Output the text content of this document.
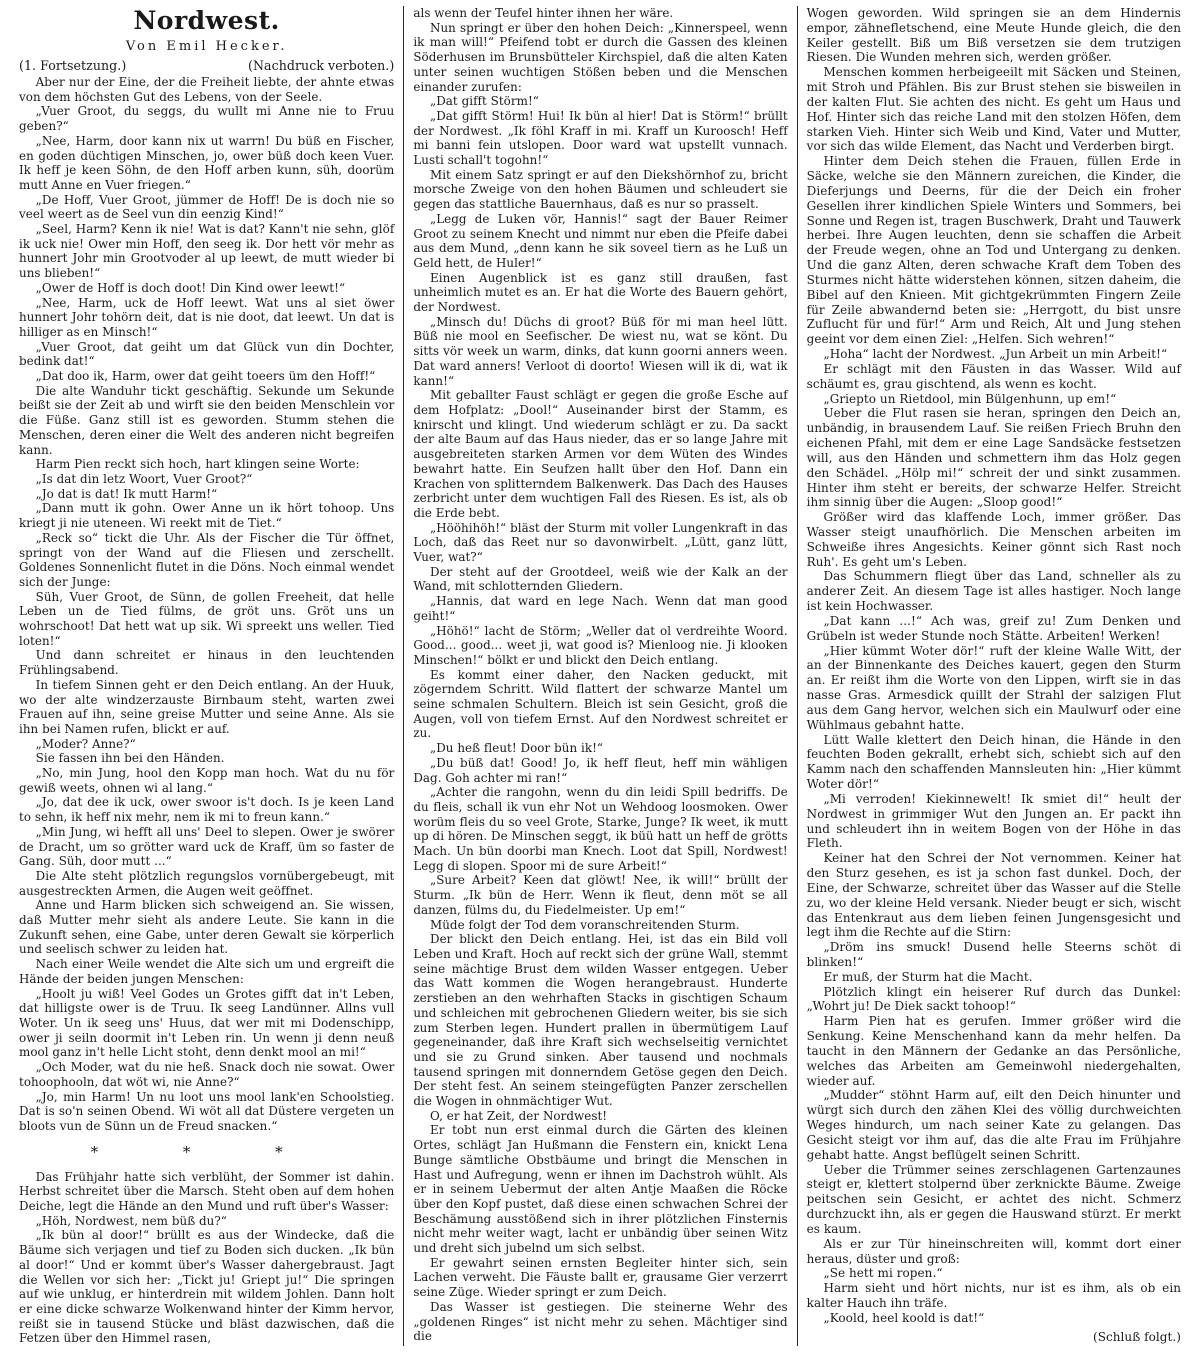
Nordwest.
Von Emil Hecker.
(1. Fortsetzung.)	(Nachdruck verboten.)

Aber nur der Eine, der die Freiheit liebte, der ahnte etwas von dem höchsten Gut des Lebens, von der Seele.

„Vuer Groot, du seggs, du wullt mi Anne nie to Fruu geben?“

„Nee, Harm, door kann nix ut warrn! Du büß en Fischer, en goden düchtigen Minschen, jo, ower büß doch keen Vuer. Ik heff je keen Söhn, de den Hoff arben kunn, süh, doorüm mutt Anne en Vuer friegen.“

„De Hoff, Vuer Groot, jümmer de Hoff! De is doch nie so veel weert as de Seel vun din eenzig Kind!“

„Seel, Harm? Kenn ik nie! Wat is dat? Kann't nie sehn, glöf ik uck nie! Ower min Hoff, den seeg ik. Dor hett vör mehr as hunnert Johr min Grootvoder al up leewt, de mutt wieder bi uns blieben!“

„Ower de Hoff is doch doot! Din Kind ower leewt!“

„Nee, Harm, uck de Hoff leewt. Wat uns al siet öwer hunnert Johr tohörn deit, dat is nie doot, dat leewt. Un dat is hilliger as en Minsch!“

„Vuer Groot, dat geiht um dat Glück vun din Dochter, bedink dat!“

„Dat doo ik, Harm, ower dat geiht toeers üm den Hoff!“

Die alte Wanduhr tickt geschäftig. Sekunde um Sekunde beißt sie der Zeit ab und wirft sie den beiden Menschlein vor die Füße. Ganz still ist es geworden. Stumm stehen die Menschen, deren einer die Welt des anderen nicht begreifen kann.

Harm Pien reckt sich hoch, hart klingen seine Worte:

„Is dat din letz Woort, Vuer Groot?“

„Jo dat is dat! Ik mutt Harm!“

„Dann mutt ik gohn. Ower Anne un ik hört tohoop. Uns kriegt ji nie uteneen. Wi reekt mit de Tiet.“

„Reck so“ tickt die Uhr. Als der Fischer die Tür öffnet, springt von der Wand auf die Fliesen und zerschellt. Goldenes Sonnenlicht flutet in die Döns. Noch einmal wendet sich der Junge:

Süh, Vuer Groot, de Sünn, de gollen Freeheit, dat helle Leben un de Tied fülms, de gröt uns. Gröt uns un wohrschoot! Dat hett wat up sik. Wi spreekt uns weller. Tied loten!“

Und dann schreitet er hinaus in den leuchtenden Frühlingsabend.

In tiefem Sinnen geht er den Deich entlang. An der Huuk, wo der alte windzerzauste Birnbaum steht, warten zwei Frauen auf ihn, seine greise Mutter und seine Anne. Als sie ihn bei Namen rufen, blickt er auf.

„Moder? Anne?“

Sie fassen ihn bei den Händen.

„No, min Jung, hool den Kopp man hoch. Wat du nu för gewiß weets, ohnen wi al lang.“

„Jo, dat dee ik uck, ower swoor is't doch. Is je keen Land to sehn, ik heff nix mehr, nem ik mi to freun kann.“

„Min Jung, wi hefft all uns' Deel to slepen. Ower je swörer de Dracht, um so grötter ward uck de Kraff, üm so faster de Gang. Süh, door mutt ...“

Die Alte steht plötzlich regungslos vornübergebeugt, mit ausgestreckten Armen, die Augen weit geöffnet.

Anne und Harm blicken sich schweigend an. Sie wissen, daß Mutter mehr sieht als andere Leute. Sie kann in die Zukunft sehen, eine Gabe, unter deren Gewalt sie körperlich und seelisch schwer zu leiden hat.

Nach einer Weile wendet die Alte sich um und ergreift die Hände der beiden jungen Menschen:

„Hoolt ju wiß! Veel Godes un Grotes gifft dat in't Leben, dat hilligste ower is de Truu. Ik seeg Landünner. Allns vull Woter. Un ik seeg uns' Huus, dat wer mit mi Dodenschipp, ower ji seiln doormit in't Leben rin. Un wenn ji denn neuß mool ganz in't helle Licht stoht, denn denkt mool an mi!“

„Och Moder, wat du nie heß. Snack doch nie sowat. Ower tohoophooln, dat wöt wi, nie Anne?“

„Jo, min Harm! Un nu loot uns mool lank'en Schoolstieg. Dat is so'n seinen Obend. Wi wöt all dat Düstere vergeten un bloots vun de Sünn un de Freud snacken.“

* * *

Das Frühjahr hatte sich verblüht, der Sommer ist dahin. Herbst schreitet über die Marsch. Steht oben auf dem hohen Deiche, legt die Hände an den Mund und ruft über's Wasser:

„Höh, Nordwest, nem büß du?“

„Ik bün al door!“ brüllt es aus der Windecke, daß die Bäume sich verjagen und tief zu Boden sich ducken. „Ik bün al door!“ Und er kommt über's Wasser dahergebraust. Jagt die Wellen vor sich her: „Tickt ju! Griept ju!“ Die springen auf wie unklug, er hinterdrein mit wildem Johlen. Dann holt er eine dicke schwarze Wolkenwand hinter der Kimm hervor, reißt sie in tausend Stücke und bläst dazwischen, daß die Fetzen über den Himmel rasen,

als wenn der Teufel hinter ihnen her wäre.

Nun springt er über den hohen Deich: „Kinnerspeel, wenn ik man will!“ Pfeifend tobt er durch die Gassen des kleinen Söderhusen im Brunsbütteler Kirchspiel, daß die alten Katen unter seinen wuchtigen Stößen beben und die Menschen einander zurufen:

„Dat gifft Störm!“

„Dat gifft Störm! Hui! Ik bün al hier! Dat is Störm!“ brüllt der Nordwest. „Ik föhl Kraff in mi. Kraff un Kuroosch! Heff mi banni fein utslopen. Door ward wat upstellt vunnach. Lusti schall't togohn!“

Mit einem Satz springt er auf den Diekshörnhof zu, bricht morsche Zweige von den hohen Bäumen und schleudert sie gegen das stattliche Bauernhaus, daß es nur so prasselt.

„Legg de Luken vör, Hannis!“ sagt der Bauer Reimer Groot zu seinem Knecht und nimmt nur eben die Pfeife dabei aus dem Mund, „denn kann he sik soveel tiern as he Luß un Geld hett, de Huler!“

Einen Augenblick ist es ganz still draußen, fast unheimlich mutet es an. Er hat die Worte des Bauern gehört, der Nordwest.

„Minsch du! Düchs di groot? Büß för mi man heel lütt. Büß nie mool en Seefischer. De wiest nu, wat se könt. Du sitts vör week un warm, dinks, dat kunn goorni anners ween. Dat ward anners! Verloot di doorto! Wiesen will ik di, wat ik kann!“

Mit geballter Faust schlägt er gegen die große Esche auf dem Hofplatz: „Dool!“ Auseinander birst der Stamm, es knirscht und klingt. Und wiederum schlägt er zu. Da sackt der alte Baum auf das Haus nieder, das er so lange Jahre mit ausgebreiteten starken Armen vor dem Wüten des Windes bewahrt hatte. Ein Seufzen hallt über den Hof. Dann ein Krachen von splitterndem Balkenwerk. Das Dach des Hauses zerbricht unter dem wuchtigen Fall des Riesen. Es ist, als ob die Erde bebt.

„Hööhihöh!“ bläst der Sturm mit voller Lungenkraft in das Loch, daß das Reet nur so davonwirbelt. „Lütt, ganz lütt, Vuer, wat?“

Der steht auf der Grootdeel, weiß wie der Kalk an der Wand, mit schlotternden Gliedern.

„Hannis, dat ward en lege Nach. Wenn dat man good geiht!“

„Höhö!“ lacht de Störm; „Weller dat ol verdreihte Woord. Good... good... weet ji, wat good is? Mienloog nie. Ji klooken Minschen!“ bölkt er und blickt den Deich entlang.

Es kommt einer daher, den Nacken geduckt, mit zögerndem Schritt. Wild flattert der schwarze Mantel um seine schmalen Schultern. Bleich ist sein Gesicht, groß die Augen, voll von tiefem Ernst. Auf den Nordwest schreitet er zu.

„Du heß fleut! Door bün ik!“

„Du büß dat! Good! Jo, ik heff fleut, heff min wähligen Dag. Goh achter mi ran!“

„Achter die rangohn, wenn du din leidi Spill bedriffs. De du fleis, schall ik vun ehr Not un Wehdoog loosmoken. Ower worüm fleis du so veel Grote, Starke, Junge? Ik weet, ik mutt up di hören. De Minschen seggt, ik büü hatt un heff de grötts Mach. Un bün doorbi man Knech. Loot dat Spill, Nordwest! Legg di slopen. Spoor mi de sure Arbeit!“

„Sure Arbeit? Keen dat glöwt! Nee, ik will!“ brüllt der Sturm. „Ik bün de Herr. Wenn ik fleut, denn möt se all danzen, fülms du, du Fiedelmeister. Up em!“

Müde folgt der Tod dem voranschreitenden Sturm.

Der blickt den Deich entlang. Hei, ist das ein Bild voll Leben und Kraft. Hoch auf reckt sich der grüne Wall, stemmt seine mächtige Brust dem wilden Wasser entgegen. Ueber das Watt kommen die Wogen herangebraust. Hunderte zerstieben an den wehrhaften Stacks in gischtigen Schaum und schleichen mit gebrochenen Gliedern weiter, bis sie sich zum Sterben legen. Hundert prallen in übermütigem Lauf gegeneinander, daß ihre Kraft sich wechselseitig vernichtet und sie zu Grund sinken. Aber tausend und nochmals tausend springen mit donnerndem Getöse gegen den Deich. Der steht fest. An seinem steingefügten Panzer zerschellen die Wogen in ohnmächtiger Wut.

O, er hat Zeit, der Nordwest!

Er tobt nun erst einmal durch die Gärten des kleinen Ortes, schlägt Jan Hußmann die Fenstern ein, knickt Lena Bunge sämtliche Obstbäume und bringt die Menschen in Hast und Aufregung, wenn er ihnen im Dachstroh wühlt. Als er in seinem Uebermut der alten Antje Maaßen die Röcke über den Kopf pustet, daß diese einen schwachen Schrei der Beschämung ausstößend sich in ihrer plötzlichen Finsternis nicht mehr weiter wagt, lacht er unbändig über seinen Witz und dreht sich jubelnd um sich selbst.

Er gewahrt seinen ernsten Begleiter hinter sich, sein Lachen verweht. Die Fäuste ballt er, grausame Gier verzerrt seine Züge. Wieder springt er zum Deich.

Das Wasser ist gestiegen. Die steinerne Wehr des „goldenen Ringes“ ist nicht mehr zu sehen. Mächtiger sind die

Wogen geworden. Wild springen sie an dem Hindernis empor, zähnefletschend, eine Meute Hunde gleich, die den Keiler gestellt. Biß um Biß versetzen sie dem trutzigen Riesen. Die Wunden mehren sich, werden größer.

Menschen kommen herbeigeeilt mit Säcken und Steinen, mit Stroh und Pfählen. Bis zur Brust stehen sie bisweilen in der kalten Flut. Sie achten des nicht. Es geht um Haus und Hof. Hinter sich das reiche Land mit den stolzen Höfen, dem starken Vieh. Hinter sich Weib und Kind, Vater und Mutter, vor sich das wilde Element, das Nacht und Verderben birgt.

Hinter dem Deich stehen die Frauen, füllen Erde in Säcke, welche sie den Männern zureichen, die Kinder, die Dieferjungs und Deerns, für die der Deich ein froher Gesellen ihrer kindlichen Spiele Winters und Sommers, bei Sonne und Regen ist, tragen Buschwerk, Draht und Tauwerk herbei. Ihre Augen leuchten, denn sie schaffen die Arbeit der Freude wegen, ohne an Tod und Untergang zu denken. Und die ganz Alten, deren schwache Kraft dem Toben des Sturmes nicht hätte widerstehen können, sitzen daheim, die Bibel auf den Knieen. Mit gichtgekrümmten Fingern Zeile für Zeile abwandernd beten sie: „Herrgott, du bist unsre Zuflucht für und für!“ Arm und Reich, Alt und Jung stehen geeint vor dem einen Ziel: „Helfen. Sich wehren!“

„Hoha“ lacht der Nordwest. „Jun Arbeit un min Arbeit!“

Er schlägt mit den Fäusten in das Wasser. Wild auf schäumt es, grau gischtend, als wenn es kocht.

„Griepto un Rietdool, min Bülgenhunn, up em!“

Ueber die Flut rasen sie heran, springen den Deich an, unbändig, in brausendem Lauf. Sie reißen Friech Bruhn den eichenen Pfahl, mit dem er eine Lage Sandsäcke festsetzen will, aus den Händen und schmettern ihm das Holz gegen den Schädel. „Hölp mi!“ schreit der und sinkt zusammen. Hinter ihm steht er bereits, der schwarze Helfer. Streicht ihm sinnig über die Augen: „Sloop good!“

Größer wird das klaffende Loch, immer größer. Das Wasser steigt unaufhörlich. Die Menschen arbeiten im Schweiße ihres Angesichts. Keiner gönnt sich Rast noch Ruh'. Es geht um's Leben.

Das Schummern fliegt über das Land, schneller als zu anderer Zeit. An diesem Tage ist alles hastiger. Noch lange ist kein Hochwasser.

„Dat kann ...!“ Ach was, greif zu! Zum Denken und Grübeln ist weder Stunde noch Stätte. Arbeiten! Werken!

„Hier kümmt Woter dör!“ ruft der kleine Walle Witt, der an der Binnenkante des Deiches kauert, gegen den Sturm an. Er reißt ihm die Worte von den Lippen, wirft sie in das nasse Gras. Armesdick quillt der Strahl der salzigen Flut aus dem Gang hervor, welchen sich ein Maulwurf oder eine Wühlmaus gebahnt hatte.

Lütt Walle klettert den Deich hinan, die Hände in den feuchten Boden gekrallt, erhebt sich, schiebt sich auf den Kamm nach den schaffenden Mannsleuten hin: „Hier kümmt Woter dör!“

„Mi verroden! Kiekinnewelt! Ik smiet di!“ heult der Nordwest in grimmiger Wut den Jungen an. Er packt ihn und schleudert ihn in weitem Bogen von der Höhe in das Fleth.

Keiner hat den Schrei der Not vernommen. Keiner hat den Sturz gesehen, es ist ja schon fast dunkel. Doch, der Eine, der Schwarze, schreitet über das Wasser auf die Stelle zu, wo der kleine Held versank. Nieder beugt er sich, wischt das Entenkraut aus dem lieben feinen Jungensgesicht und legt ihm die Rechte auf die Stirn:

„Dröm ins smuck! Dusend helle Steerns schöt di blinken!“

Er muß, der Sturm hat die Macht.

Plötzlich klingt ein heiserer Ruf durch das Dunkel: „Wohrt ju! De Diek sackt tohoop!“

Harm Pien hat es gerufen. Immer größer wird die Senkung. Keine Menschenhand kann da mehr helfen. Da taucht in den Männern der Gedanke an das Persönliche, welches das Arbeiten am Gemeinwohl niedergehalten, wieder auf.

„Mudder“ stöhnt Harm auf, eilt den Deich hinunter und würgt sich durch den zähen Klei des völlig durchweichten Weges hindurch, um nach seiner Kate zu gelangen. Das Gesicht steigt vor ihm auf, das die alte Frau im Frühjahre gehabt hatte. Angst beflügelt seinen Schritt.

Ueber die Trümmer seines zerschlagenen Gartenzaunes steigt er, klettert stolpernd über zerknickte Bäume. Zweige peitschen sein Gesicht, er achtet des nicht. Schmerz durchzuckt ihn, als er gegen die Hauswand stürzt. Er merkt es kaum.

Als er zur Tür hineinschreiten will, kommt dort einer heraus, düster und groß:

„Se hett mi ropen.“

Harm sieht und hört nichts, nur ist es ihm, als ob ein kalter Hauch ihn träfe.

„Koold, heel koold is dat!“

(Schluß folgt.)
